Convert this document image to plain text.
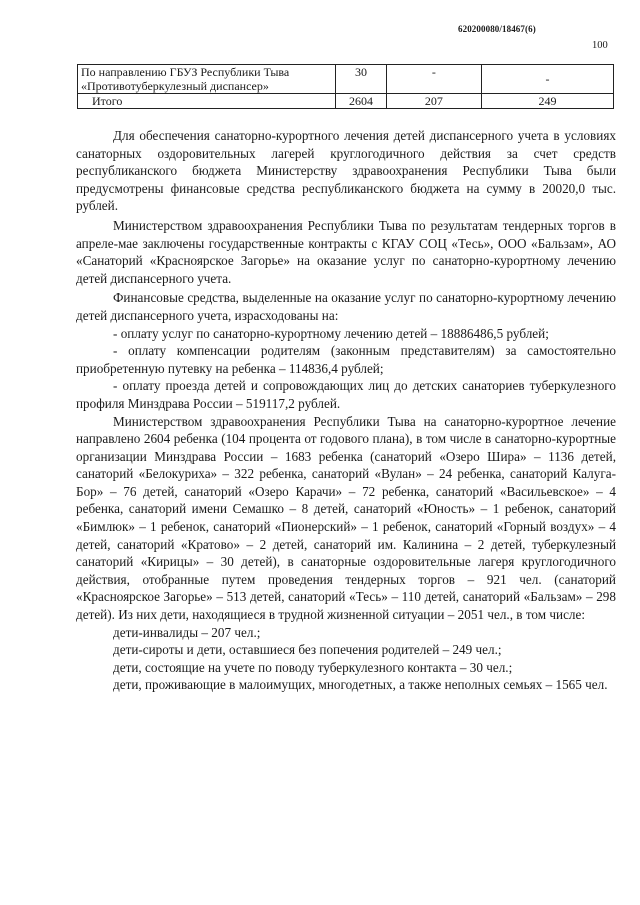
620200080/18467(6)
100
По направлению ГБУЗ Республики Тыва «Противотуберкулезный диспансер»	30	-	-
Итого	2604	207	249

Для обеспечения санаторно-курортного лечения детей диспансерного учета в условиях санаторных оздоровительных лагерей круглогодичного действия за счет средств республиканского бюджета Министерству здравоохранения Республики Тыва были предусмотрены финансовые средства республиканского бюджета на сумму в 20020,0 тыс. рублей.

Министерством здравоохранения Республики Тыва по результатам тендерных торгов в апреле-мае заключены государственные контракты с КГАУ СОЦ «Тесь», ООО «Бальзам», АО «Санаторий «Красноярское Загорье» на оказание услуг по санаторно-курортному лечению детей диспансерного учета.

Финансовые средства, выделенные на оказание услуг по санаторно-курортному лечению детей диспансерного учета, израсходованы на:

- оплату услуг по санаторно-курортному лечению детей – 18886486,5 рублей;

- оплату компенсации родителям (законным представителям) за самостоятельно приобретенную путевку на ребенка – 114836,4 рублей;

- оплату проезда детей и сопровождающих лиц до детских санаториев туберкулезного профиля Минздрава России – 519117,2 рублей.

Министерством здравоохранения Республики Тыва на санаторно-курортное лечение направлено 2604 ребенка (104 процента от годового плана), в том числе в санаторно-курортные организации Минздрава России – 1683 ребенка (санаторий «Озеро Шира» – 1136 детей, санаторий «Белокуриха» – 322 ребенка, санаторий «Вулан» – 24 ребенка, санаторий Калуга-Бор» – 76 детей, санаторий «Озеро Карачи» – 72 ребенка, санаторий «Васильевское» – 4 ребенка, санаторий имени Семашко – 8 детей, санаторий «Юность» – 1 ребенок, санаторий «Бимлюк» – 1 ребенок, санаторий «Пионерский» – 1 ребенок, санаторий «Горный воздух» – 4 детей, санаторий «Кратово» – 2 детей, санаторий им. Калинина – 2 детей, туберкулезный санаторий «Кирицы» – 30 детей), в санаторные оздоровительные лагеря круглогодичного действия, отобранные путем проведения тендерных торгов – 921 чел. (санаторий «Красноярское Загорье» – 513 детей, санаторий «Тесь» – 110 детей, санаторий «Бальзам» – 298 детей). Из них дети, находящиеся в трудной жизненной ситуации – 2051 чел., в том числе:

дети-инвалиды – 207 чел.;

дети-сироты и дети, оставшиеся без попечения родителей – 249 чел.;

дети, состоящие на учете по поводу туберкулезного контакта – 30 чел.;

дети, проживающие в малоимущих, многодетных, а также неполных семьях – 1565 чел.
